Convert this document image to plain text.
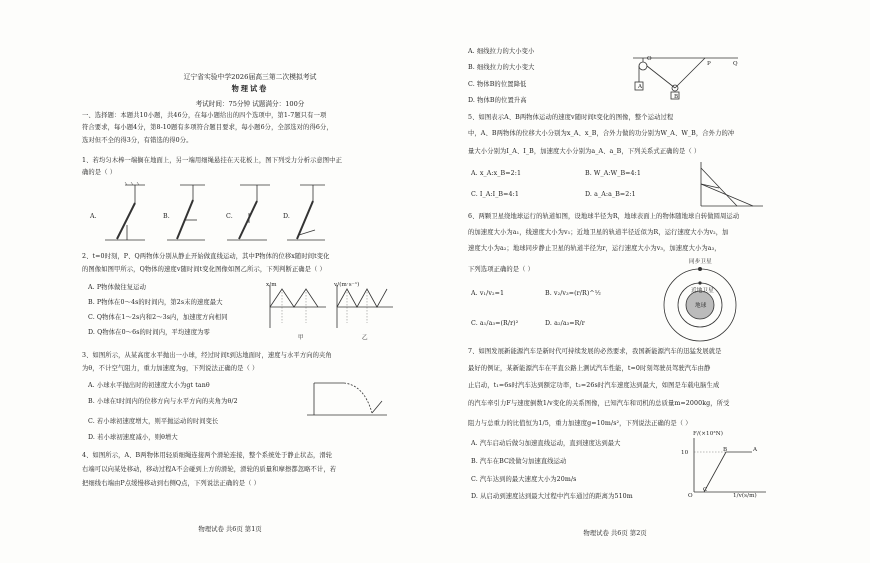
辽宁省实验中学2026届高三第二次模拟考试
物理试卷
考试时间：75分钟 试题满分：100分
一、选择题：本题共10小题，共46分，在每小题给出的四个选项中，第1-7题只有一项
符合要求，每小题4分，第8-10题有多项符合题目要求，每小题6分，全部选对的得6分，
选对但不全的得3分，有错选的得0分。
1、若均匀木棒一端搁在地面上，另一端用细绳悬挂在天花板上，图下列受力分析示意图中正
确的是（ ）
A.	B.	C.	D.
2、t=0时刻，P、Q两物体分别从静止开始做直线运动，其中P物体的位移x随时间t变化
的图像如图甲所示，Q物体的速度v随时间t变化图像如图乙所示，下列判断正确是（ ）
A. P物体做往复运动
B. P物体在0～4s的时间内，第2s末的速度最大
C. Q物体在1～2s内和2～3s内，加速度方向相同
D. Q物体在0～6s的时间内，平均速度为零
x/m
甲
v/(m·s⁻¹)
乙
3、如图所示，从某高度水平抛出一小球，经过时间t到达地面时，速度与水平方向的夹角
为θ，不计空气阻力，重力加速度为g，下列说法正确的是（ ）
A. 小球水平抛出时的初速度大小为gt tanθ
B. 小球在t时间内的位移方向与水平方向的夹角为θ/2
C. 若小球初速度增大，则平抛运动的时间变长
D. 若小球初速度减小，则θ增大
4、如图所示，A、B两物体用轻质细绳连接两个滑轮连接，整个系统处于静止状态，滑轮
右端可以向某处移动，移动过程A不会碰到上方的滑轮，滑轮的质量和摩擦都忽略不计，若
把细线右端由P点缓慢移动到右侧Q点，下列说法正确的是（ ）
物理试卷 共6页 第1页
A. 细线拉力的大小变小
B. 细线拉力的大小变大
C. 物体B的位置降低
D. 物体B的位置升高
A
B
P	Q
O
5、如图表示A、B两物体运动的速度v随时间t变化的图像，整个运动过程
中，A、B两物体的位移大小分别为x_A、x_B，合外力做的功分别为W_A、W_B，合外力的冲
量大小分别为I_A、I_B，加速度大小分别为a_A、a_B，下列关系式正确的是（ ）
A. x_A:x_B=2:1	B. W_A:W_B=4:1
C. I_A:I_B=4:1	D. a_A:a_B=2:1
6、两颗卫星绕地球运行的轨道如图，设地球半径为R，地球表面上的物体随地球自转做圆周运动
的加速度大小为a₁，线速度大小为v₁；近地卫星的轨道半径近似为R，运行速度大小为v₂，加
速度大小为a₂；地球同步静止卫星的轨道半径为r，运行速度大小为v₃，加速度大小为a₃，
下列选项正确的是（ ）
A. v₁/v₂=1	B. v₂/v₃=(r/R)^½
C. a₁/a₃=(R/r)²	D. a₂/a₃=R/r
同步卫星
近地卫星
地球
7、如图发展新能源汽车是新时代可持续发展的必然要求，我国新能源汽车的迅猛发展就是
最好的例证，某新能源汽车在平直公路上测试汽车性能，t=0时刻驾驶员驾驶汽车由静
止启动，t₁=6s时汽车达到额定功率，t₂=26s时汽车速度达到最大，如图是车载电脑生成
的汽车牵引力F与速度倒数1/v变化的关系图像，已知汽车和司机的总质量m=2000kg，所受
阻力与总重力的比值恒为1/5，重力加速度g=10m/s²，下列说法正确的是（ ）
A. 汽车启动后做匀加速直线运动，直到速度达到最大
B. 汽车在BC段做匀加速直线运动
C. 汽车达到的最大速度大小为20m/s
D. 从启动到速度达到最大过程中汽车通过的距离为510m
F/(×10³N)
1/v(s/m)
A
B
C
O
10
物理试卷 共6页 第2页
